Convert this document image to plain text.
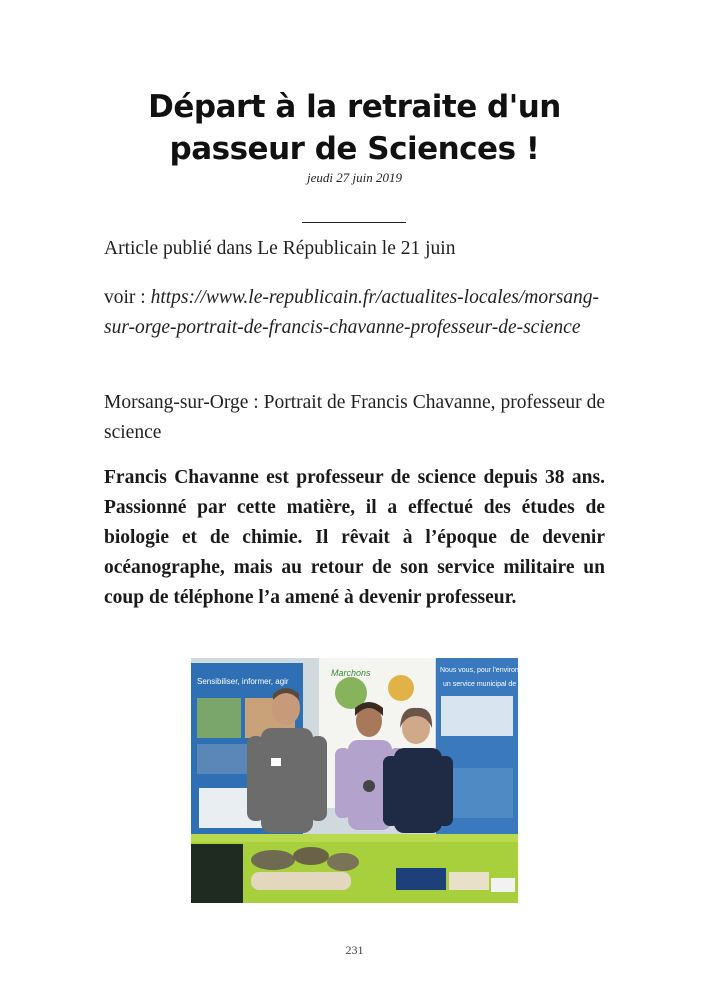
Départ à la retraite d'un
passeur de Sciences !
jeudi 27 juin 2019
Article publié dans Le Républicain le 21 juin
voir : https://www.le-republicain.fr/actualites-locales/morsang-sur-orge-portrait-de-francis-chavanne-professeur-de-science
Morsang-sur-Orge : Portrait de Francis Chavanne, professeur de science
Francis Chavanne est professeur de science depuis 38 ans. Passionné par cette matière, il a effectué des études de biologie et de chimie. Il rêvait à l’époque de devenir océanographe, mais au retour de son service militaire un coup de téléphone l’a amené à devenir professeur.
Sensibiliser, informer, agir
Marchons	Nous vous, pour l'environ et le cadre de v
un service municipal de
231
